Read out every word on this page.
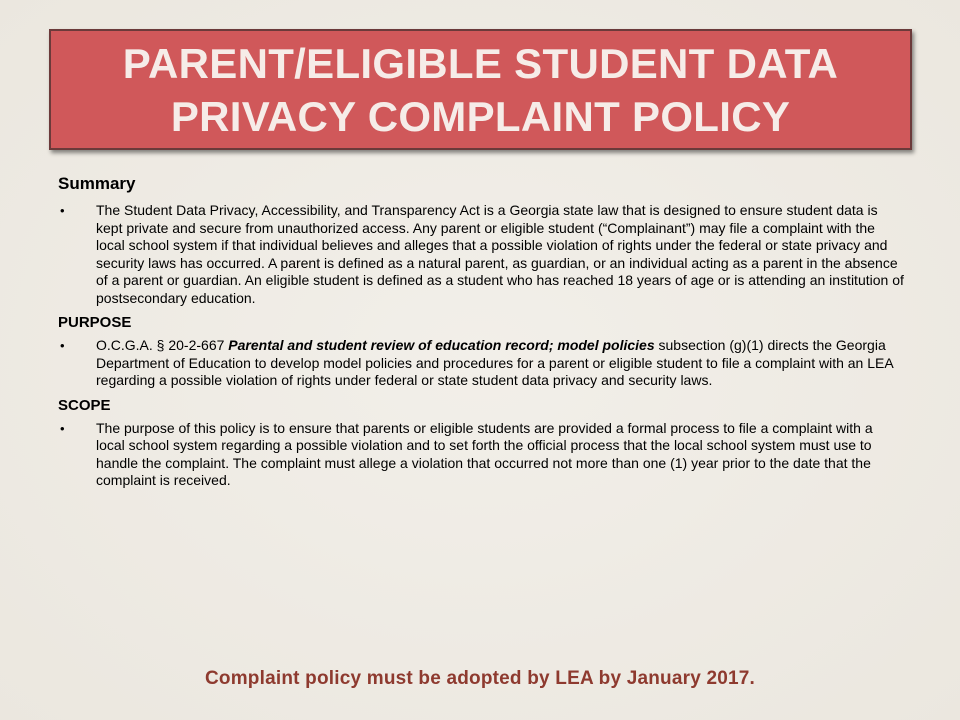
PARENT/ELIGIBLE STUDENT DATA PRIVACY COMPLAINT POLICY
Summary
•	The Student Data Privacy, Accessibility, and Transparency Act is a Georgia state law that is designed to ensure student data is kept private and secure from unauthorized access. Any parent or eligible student (“Complainant”) may file a complaint with the local school system if that individual believes and alleges that a possible violation of rights under the federal or state privacy and security laws has occurred. A parent is defined as a natural parent, as guardian, or an individual acting as a parent in the absence of a parent or guardian. An eligible student is defined as a student who has reached 18 years of age or is attending an institution of postsecondary education.
PURPOSE
•	O.C.G.A. § 20-2-667 Parental and student review of education record; model policies subsection (g)(1) directs the Georgia Department of Education to develop model policies and procedures for a parent or eligible student to file a complaint with an LEA regarding a possible violation of rights under federal or state student data privacy and security laws.
SCOPE
•	The purpose of this policy is to ensure that parents or eligible students are provided a formal process to file a complaint with a local school system regarding a possible violation and to set forth the official process that the local school system must use to handle the complaint. The complaint must allege a violation that occurred not more than one (1) year prior to the date that the complaint is received.
Complaint policy must be adopted by LEA by January 2017.
